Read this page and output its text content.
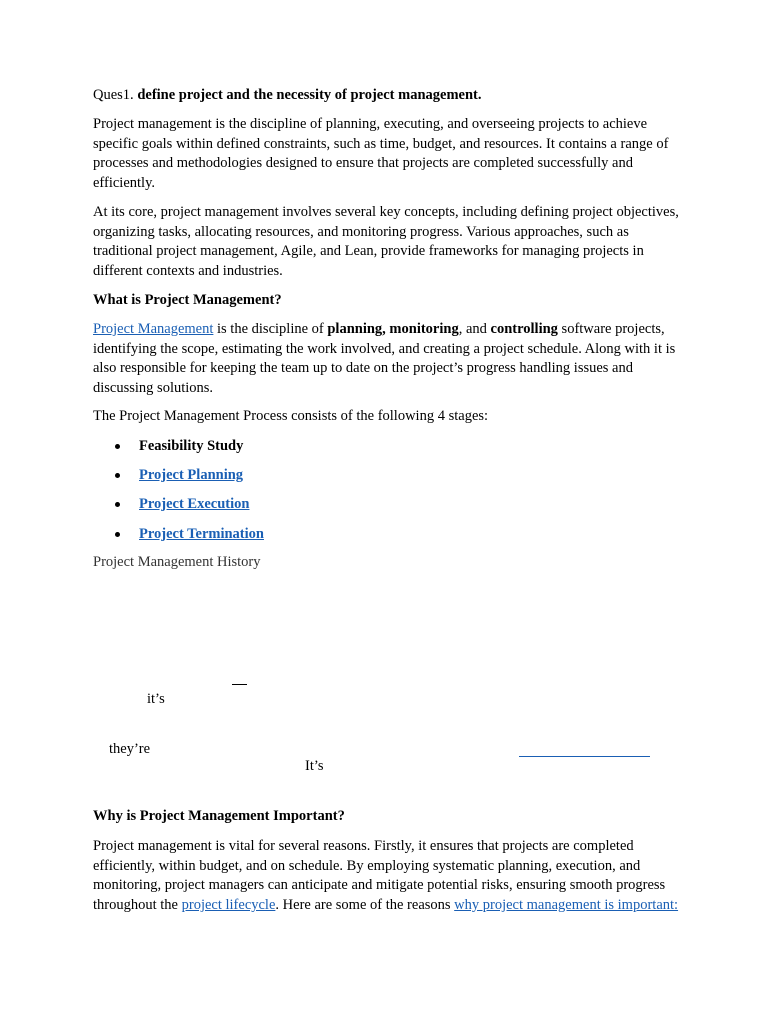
Ques1. define project and the necessity of project management.

Project management is the discipline of planning, executing, and overseeing projects to achieve specific goals within defined constraints, such as time, budget, and resources. It contains a range of processes and methodologies designed to ensure that projects are completed successfully and efficiently.

At its core, project management involves several key concepts, including defining project objectives, organizing tasks, allocating resources, and monitoring progress. Various approaches, such as traditional project management, Agile, and Lean, provide frameworks for managing projects in different contexts and industries.

What is Project Management?

Project Management is the discipline of planning, monitoring, and controlling software projects, identifying the scope, estimating the work involved, and creating a project schedule. Along with it is also responsible for keeping the team up to date on the project’s progress handling issues and discussing solutions.

The Project Management Process consists of the following 4 stages:

Feasibility Study
Project Planning
Project Execution
Project Termination

Project Management History

it’s
they’re
It’s

Why is Project Management Important?

Project management is vital for several reasons. Firstly, it ensures that projects are completed efficiently, within budget, and on schedule. By employing systematic planning, execution, and monitoring, project managers can anticipate and mitigate potential risks, ensuring smooth progress throughout the project lifecycle. Here are some of the reasons why project management is important:
